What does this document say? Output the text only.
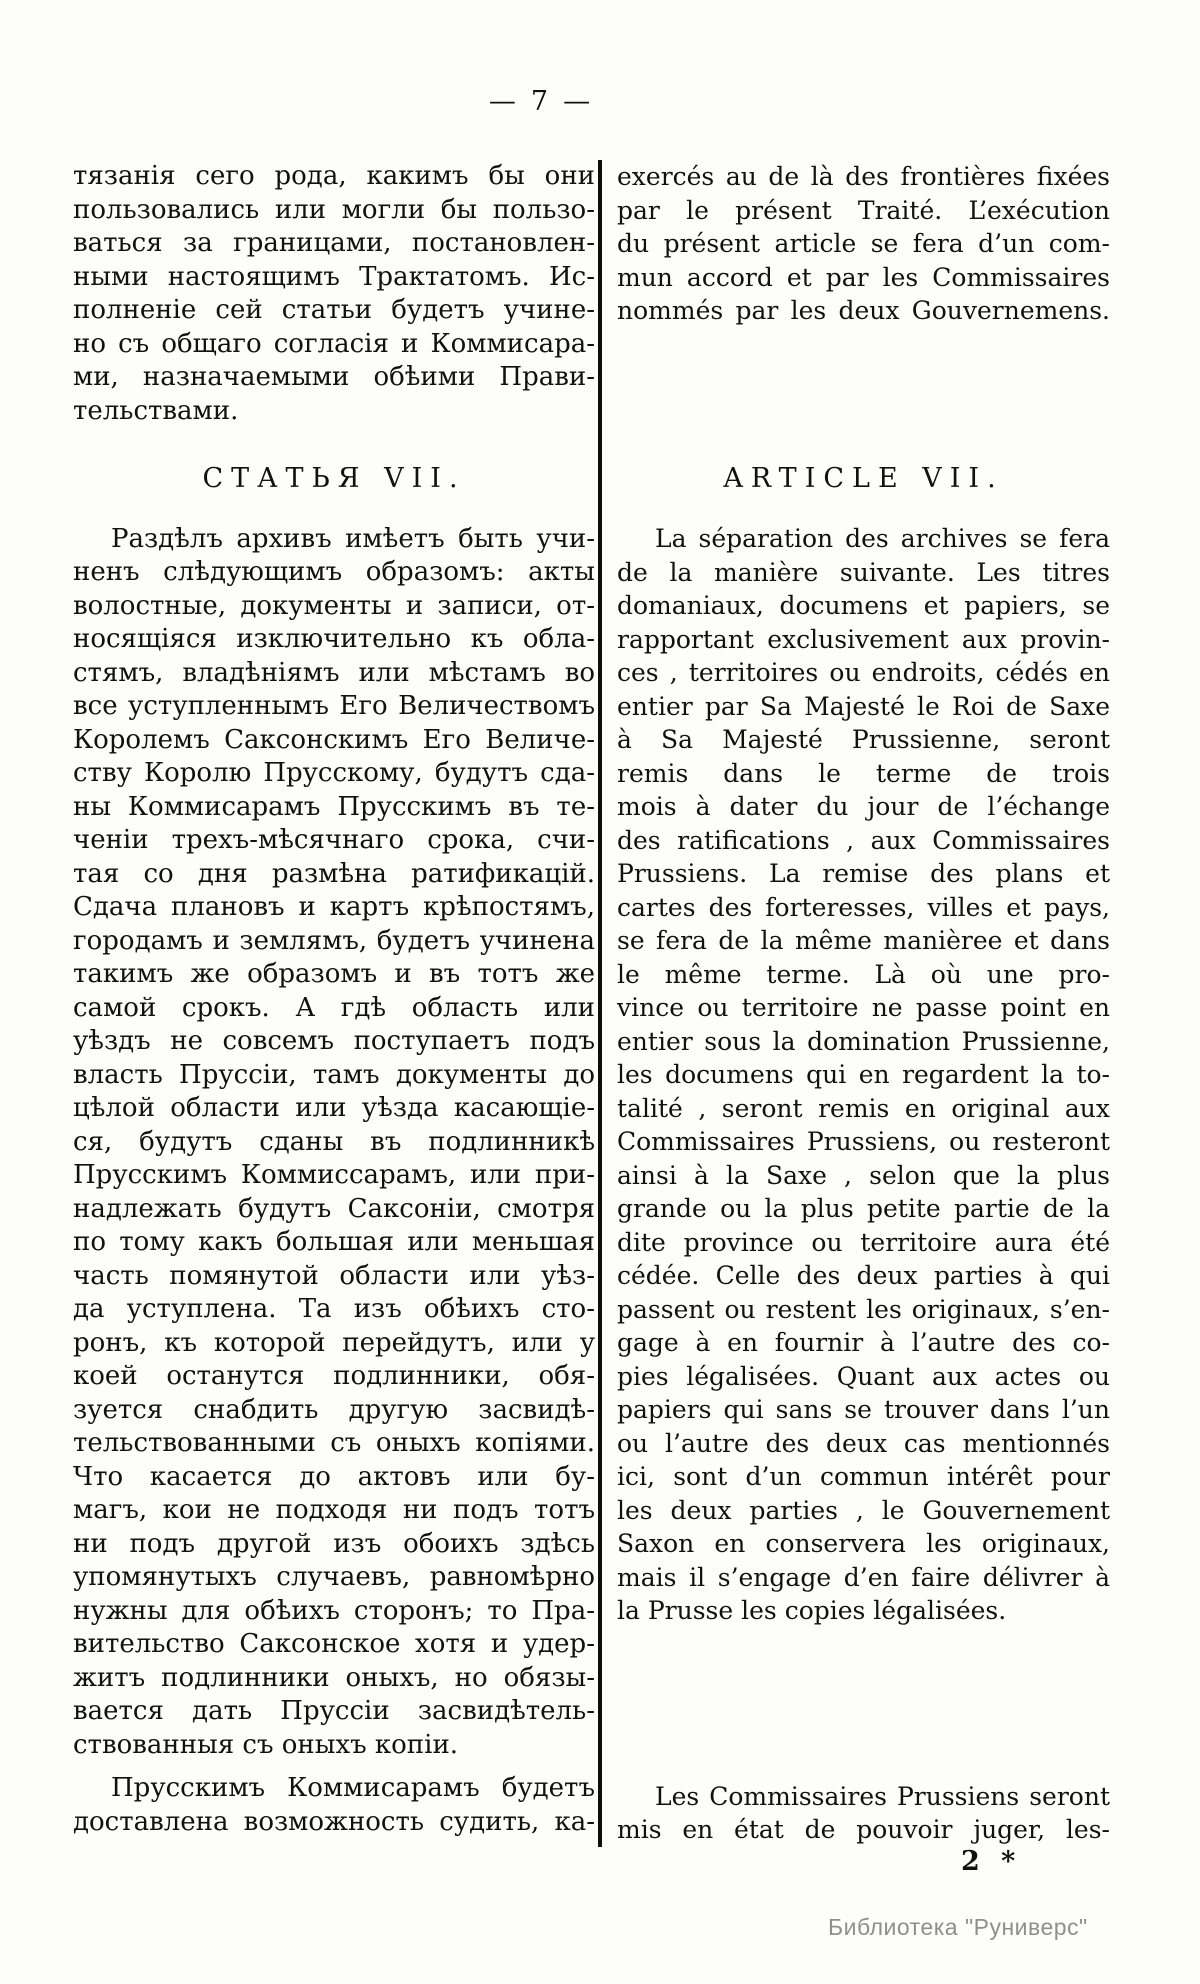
— 7 —
тязанія сего рода, какимъ бы они
пользовались или могли бы пользо-
ваться за границами, постановлен-
ными настоящимъ Трактатомъ. Ис-
полненіе сей статьи будетъ учине-
но съ общаго согласія и Коммисара-
ми, назначаемыми обѣими Прави-
тельствами.
СТАТЬЯ VII.
Раздѣлъ архивъ имѣетъ быть учи-
ненъ слѣдующимъ образомъ: акты
волостные, документы и записи, от-
носящіяся изключительно къ обла-
стямъ, владѣніямъ или мѣстамъ во
все уступленнымъ Его Величествомъ
Королемъ Саксонскимъ Его Величе-
ству Королю Прусскому, будутъ сда-
ны Коммисарамъ Прусскимъ въ те-
ченіи трехъ-мѣсячнаго срока, счи-
тая со дня размѣна ратификацій.
Сдача плановъ и картъ крѣпостямъ,
городамъ и землямъ, будетъ учинена
такимъ же образомъ и въ тотъ же
самой срокъ. А гдѣ область или
уѣздъ не совсемъ поступаетъ подъ
власть Пруссіи, тамъ документы до
цѣлой области или уѣзда касающіе-
ся, будутъ сданы въ подлинникѣ
Прусскимъ Коммиссарамъ, или при-
надлежать будутъ Саксоніи, смотря
по тому какъ большая или меньшая
часть помянутой области или уѣз-
да уступлена. Та изъ обѣихъ сто-
ронъ, къ которой перейдутъ, или у
коей останутся подлинники, обя-
зуется снабдить другую засвидѣ-
тельствованными съ оныхъ копіями.
Что касается до актовъ или бу-
магъ, кои не подходя ни подъ тотъ
ни подъ другой изъ обоихъ здѣсь
упомянутыхъ случаевъ, равномѣрно
нужны для обѣихъ сторонъ; то Пра-
вительство Саксонское хотя и удер-
житъ подлинники оныхъ, но обязы-
вается дать Пруссіи засвидѣтель-
ствованныя съ оныхъ копіи.
Прусскимъ Коммисарамъ будетъ
доставлена возможность судить, ка-
exercés au de là des frontières fixées
par le présent Traité. L’exécution
du présent article se fera d’un com-
mun accord et par les Commissaires
nommés par les deux Gouvernemens.
ARTICLE VII.
La séparation des archives se fera
de la manière suivante. Les titres
domaniaux, documens et papiers, se
rapportant exclusivement aux provin-
ces , territoires ou endroits, cédés en
entier par Sa Majesté le Roi de Saxe
à Sa Majesté Prussienne, seront
remis dans le terme de trois
mois à dater du jour de l’échange
des ratifications , aux Commissaires
Prussiens. La remise des plans et
cartes des forteresses, villes et pays,
se fera de la même manièree et dans
le même terme. Là où une pro-
vince ou territoire ne passe point en
entier sous la domination Prussienne,
les documens qui en regardent la to-
talité , seront remis en original aux
Commissaires Prussiens, ou resteront
ainsi à la Saxe , selon que la plus
grande ou la plus petite partie de la
dite province ou territoire aura été
cédée. Celle des deux parties à qui
passent ou restent les originaux, s’en-
gage à en fournir à l’autre des co-
pies légalisées. Quant aux actes ou
papiers qui sans se trouver dans l’un
ou l’autre des deux cas mentionnés
ici, sont d’un commun intérêt pour
les deux parties , le Gouvernement
Saxon en conservera les originaux,
mais il s’engage d’en faire délivrer à
la Prusse les copies légalisées.
Les Commissaires Prussiens seront
mis en état de pouvoir juger, les-
2 *
Библиотека "Руниверс"
